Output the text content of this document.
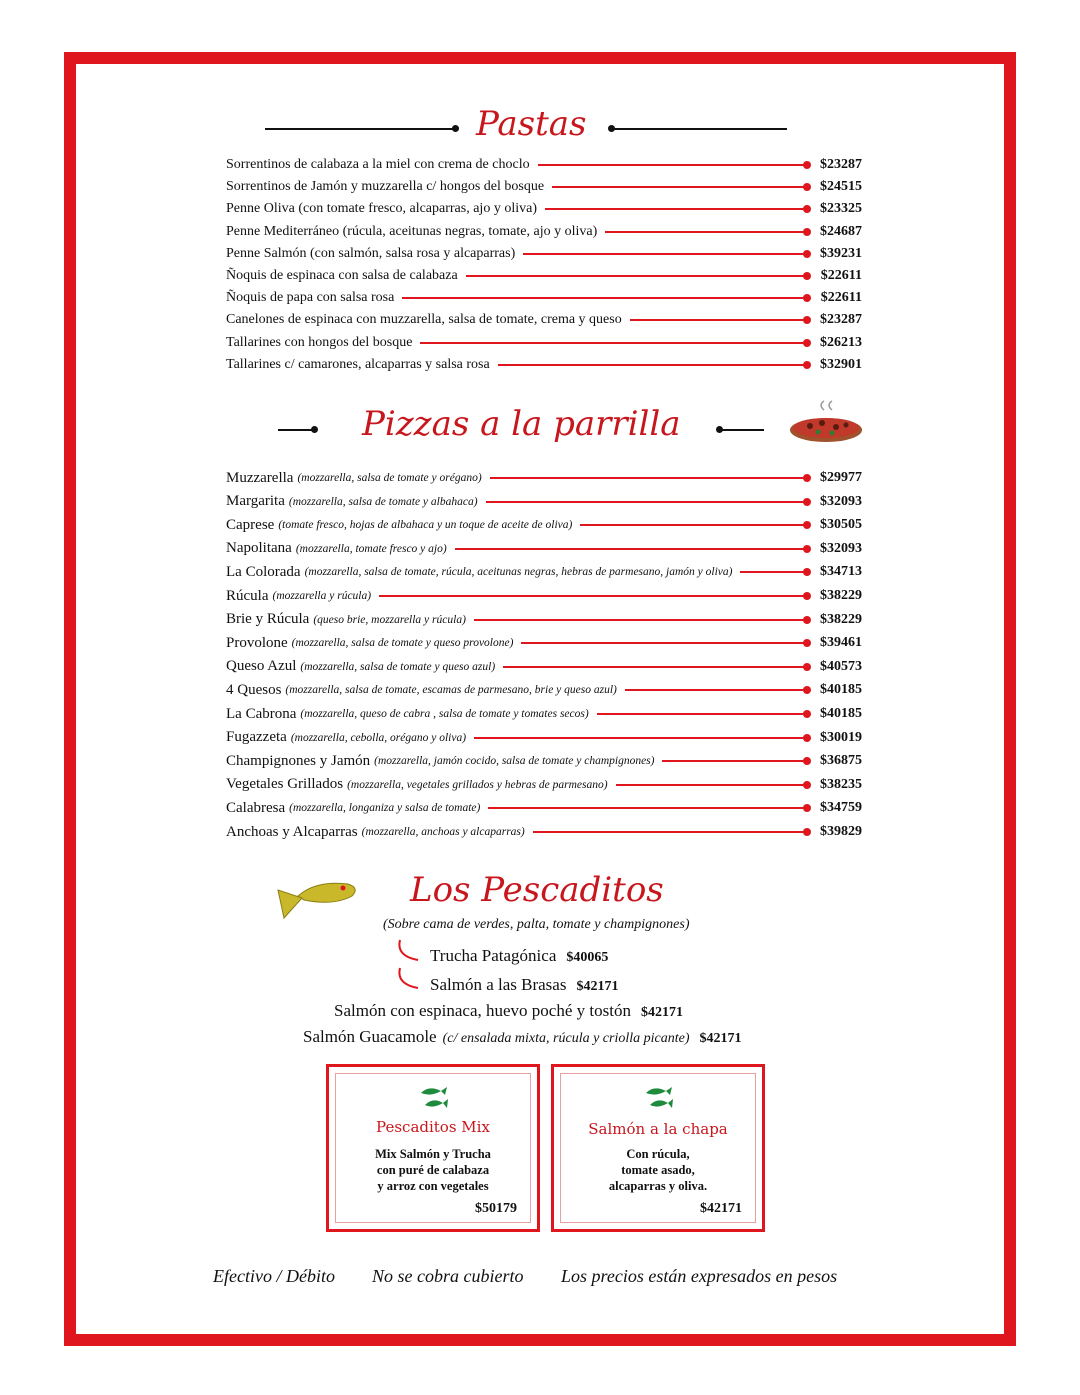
Pastas
Sorrentinos de calabaza a la miel con crema de choclo	$23287
Sorrentinos de Jamón y muzzarella c/ hongos del bosque	$24515
Penne Oliva (con tomate fresco, alcaparras, ajo y oliva)	$23325
Penne Mediterráneo (rúcula, aceitunas negras, tomate, ajo y oliva)	$24687
Penne Salmón (con salmón, salsa rosa y alcaparras)	$39231
Ñoquis de espinaca con salsa de calabaza	$22611
Ñoquis de papa con salsa rosa	$22611
Canelones de espinaca con muzzarella, salsa de tomate, crema y queso	$23287
Tallarines con hongos del bosque	$26213
Tallarines c/ camarones, alcaparras y salsa rosa	$32901
Pizzas a la parrilla
Muzzarella (mozzarella, salsa de tomate y orégano)	$29977
Margarita (mozzarella, salsa de tomate y albahaca)	$32093
Caprese (tomate fresco, hojas de albahaca y un toque de aceite de oliva)	$30505
Napolitana (mozzarella, tomate fresco y ajo)	$32093
La Colorada (mozzarella, salsa de tomate, rúcula, aceitunas negras, hebras de parmesano, jamón y oliva)	$34713
Rúcula (mozzarella y rúcula)	$38229
Brie y Rúcula (queso brie, mozzarella y rúcula)	$38229
Provolone (mozzarella, salsa de tomate y queso provolone)	$39461
Queso Azul (mozzarella, salsa de tomate y queso azul)	$40573
4 Quesos (mozzarella, salsa de tomate, escamas de parmesano, brie y queso azul)	$40185
La Cabrona (mozzarella, queso de cabra , salsa de tomate y tomates secos)	$40185
Fugazzeta (mozzarella, cebolla, orégano y oliva)	$30019
Champignones y Jamón (mozzarella, jamón cocido, salsa de tomate y champignones)	$36875
Vegetales Grillados (mozzarella, vegetales grillados y hebras de parmesano)	$38235
Calabresa (mozzarella, longaniza y salsa de tomate)	$34759
Anchoas y Alcaparras (mozzarella, anchoas y alcaparras)	$39829
Los Pescaditos
(Sobre cama de verdes, palta, tomate y champignones)
Trucha Patagónica $40065
Salmón a las Brasas $42171
Salmón con espinaca, huevo poché y tostón $42171
Salmón Guacamole (c/ ensalada mixta, rúcula y criolla picante) $42171
Pescaditos Mix
Mix Salmón y Trucha
con puré de calabaza
y arroz con vegetales
$50179
Salmón a la chapa
Con rúcula,
tomate asado,
alcaparras y oliva.
$42171
Efectivo / Débito No se cobra cubierto Los precios están expresados en pesos
